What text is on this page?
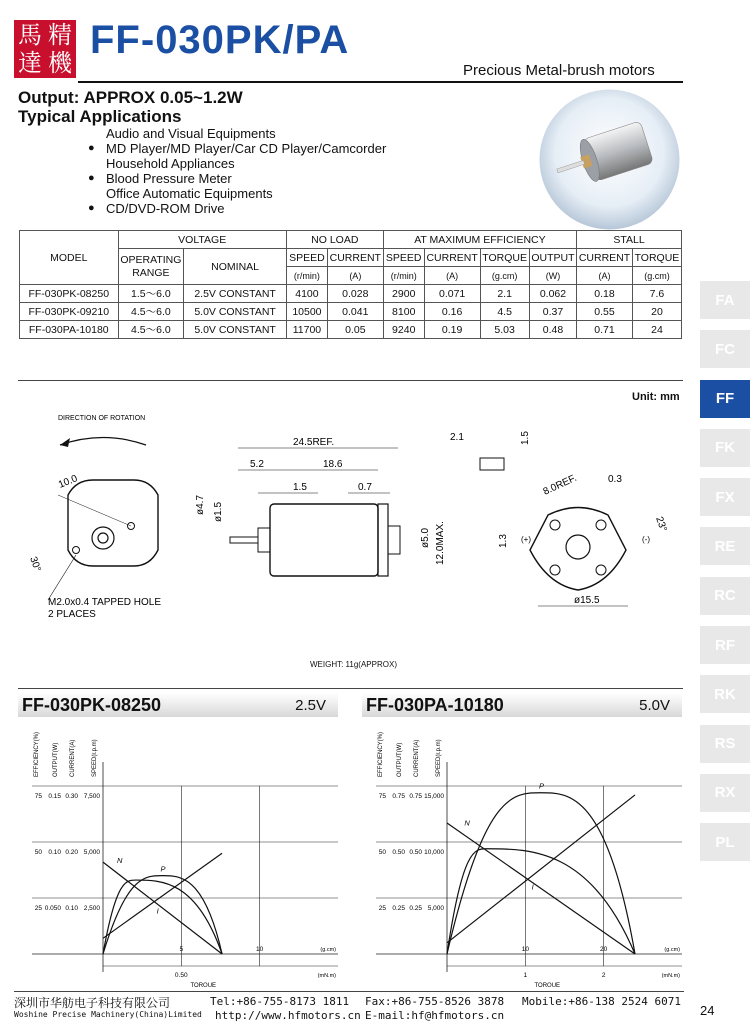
馬 精
達 機
FF-030PK/PA
Precious Metal-brush motors
Output: APPROX 0.05~1.2W
Typical Applications
Audio and Visual Equipments
● MD Player/MD Player/Car CD Player/Camcorder
Household Appliances
● Blood Pressure Meter
Office Automatic Equipments
● CD/DVD-ROM Drive
MODEL	VOLTAGE		NO LOAD		AT MAXIMUM EFFICIENCY				STALL	
	OPERATING RANGE	NOMINAL	SPEED	CURRENT	SPEED	CURRENT	TORQUE	OUTPUT	CURRENT	TORQUE
			(r/min)	(A)	(r/min)	(A)	(g.cm)	(W)	(A)	(g.cm)
FF-030PK-08250	1.5～6.0	2.5V CONSTANT	4100	0.028	2900	0.071	2.1	0.062	0.18	7.6
FF-030PK-09210	4.5～6.0	5.0V CONSTANT	10500	0.041	8100	0.16	4.5	0.37	0.55	20
FF-030PA-10180	4.5～6.0	5.0V CONSTANT	11700	0.05	9240	0.19	5.03	0.48	0.71	24
FA
FC
FF
FK
FX
RE
RC
RF
RK
RS
RX
PL
Unit: mm
DIRECTION OF ROTATION
10.0
30°
M2.0x0.4 TAPPED HOLE
2 PLACES
24.5REF.
5.2	18.6
1.5	0.7
ø4.7 ø1.5
ø5.0 12.0MAX.
2.1	1.5
8.0REF.	0.3
1.3
23°
(+)	(-)
ø15.5
WEIGHT: 11g(APPROX)
FF-030PK-08250	2.5V FF-030PA-10180	5.0V
EFFICIENCY(%) OUTPUT(W) CURRENT(A)	SPEED(r.p.m)
75 0.15 0.30 7,500
50 0.10 0.20 5,000
25 0.050 0.10 2,500
5	10
0.50
(g.cm)
(mN.m)
TORQUE
N
I
P
EFFICIENCY(%) OUTPUT(W) CURRENT(A)	SPEED(r.p.m)
75 0.75 0.75 15,000
50 0.50 0.50 10,000
25 0.25 0.25 5,000
10	20
1	2
(g.cm)
(mN.m)
TORQUE
N
I
P
深圳市华舫电子科技有限公司
Woshine Precise Machinery(China)Limited
Tel:+86-755-8173 1811 Fax:+86-755-8526 3878 Mobile:+86-138 2524 6071
http://www.hfmotors.cn E-mail:hf@hfmotors.cn	24
